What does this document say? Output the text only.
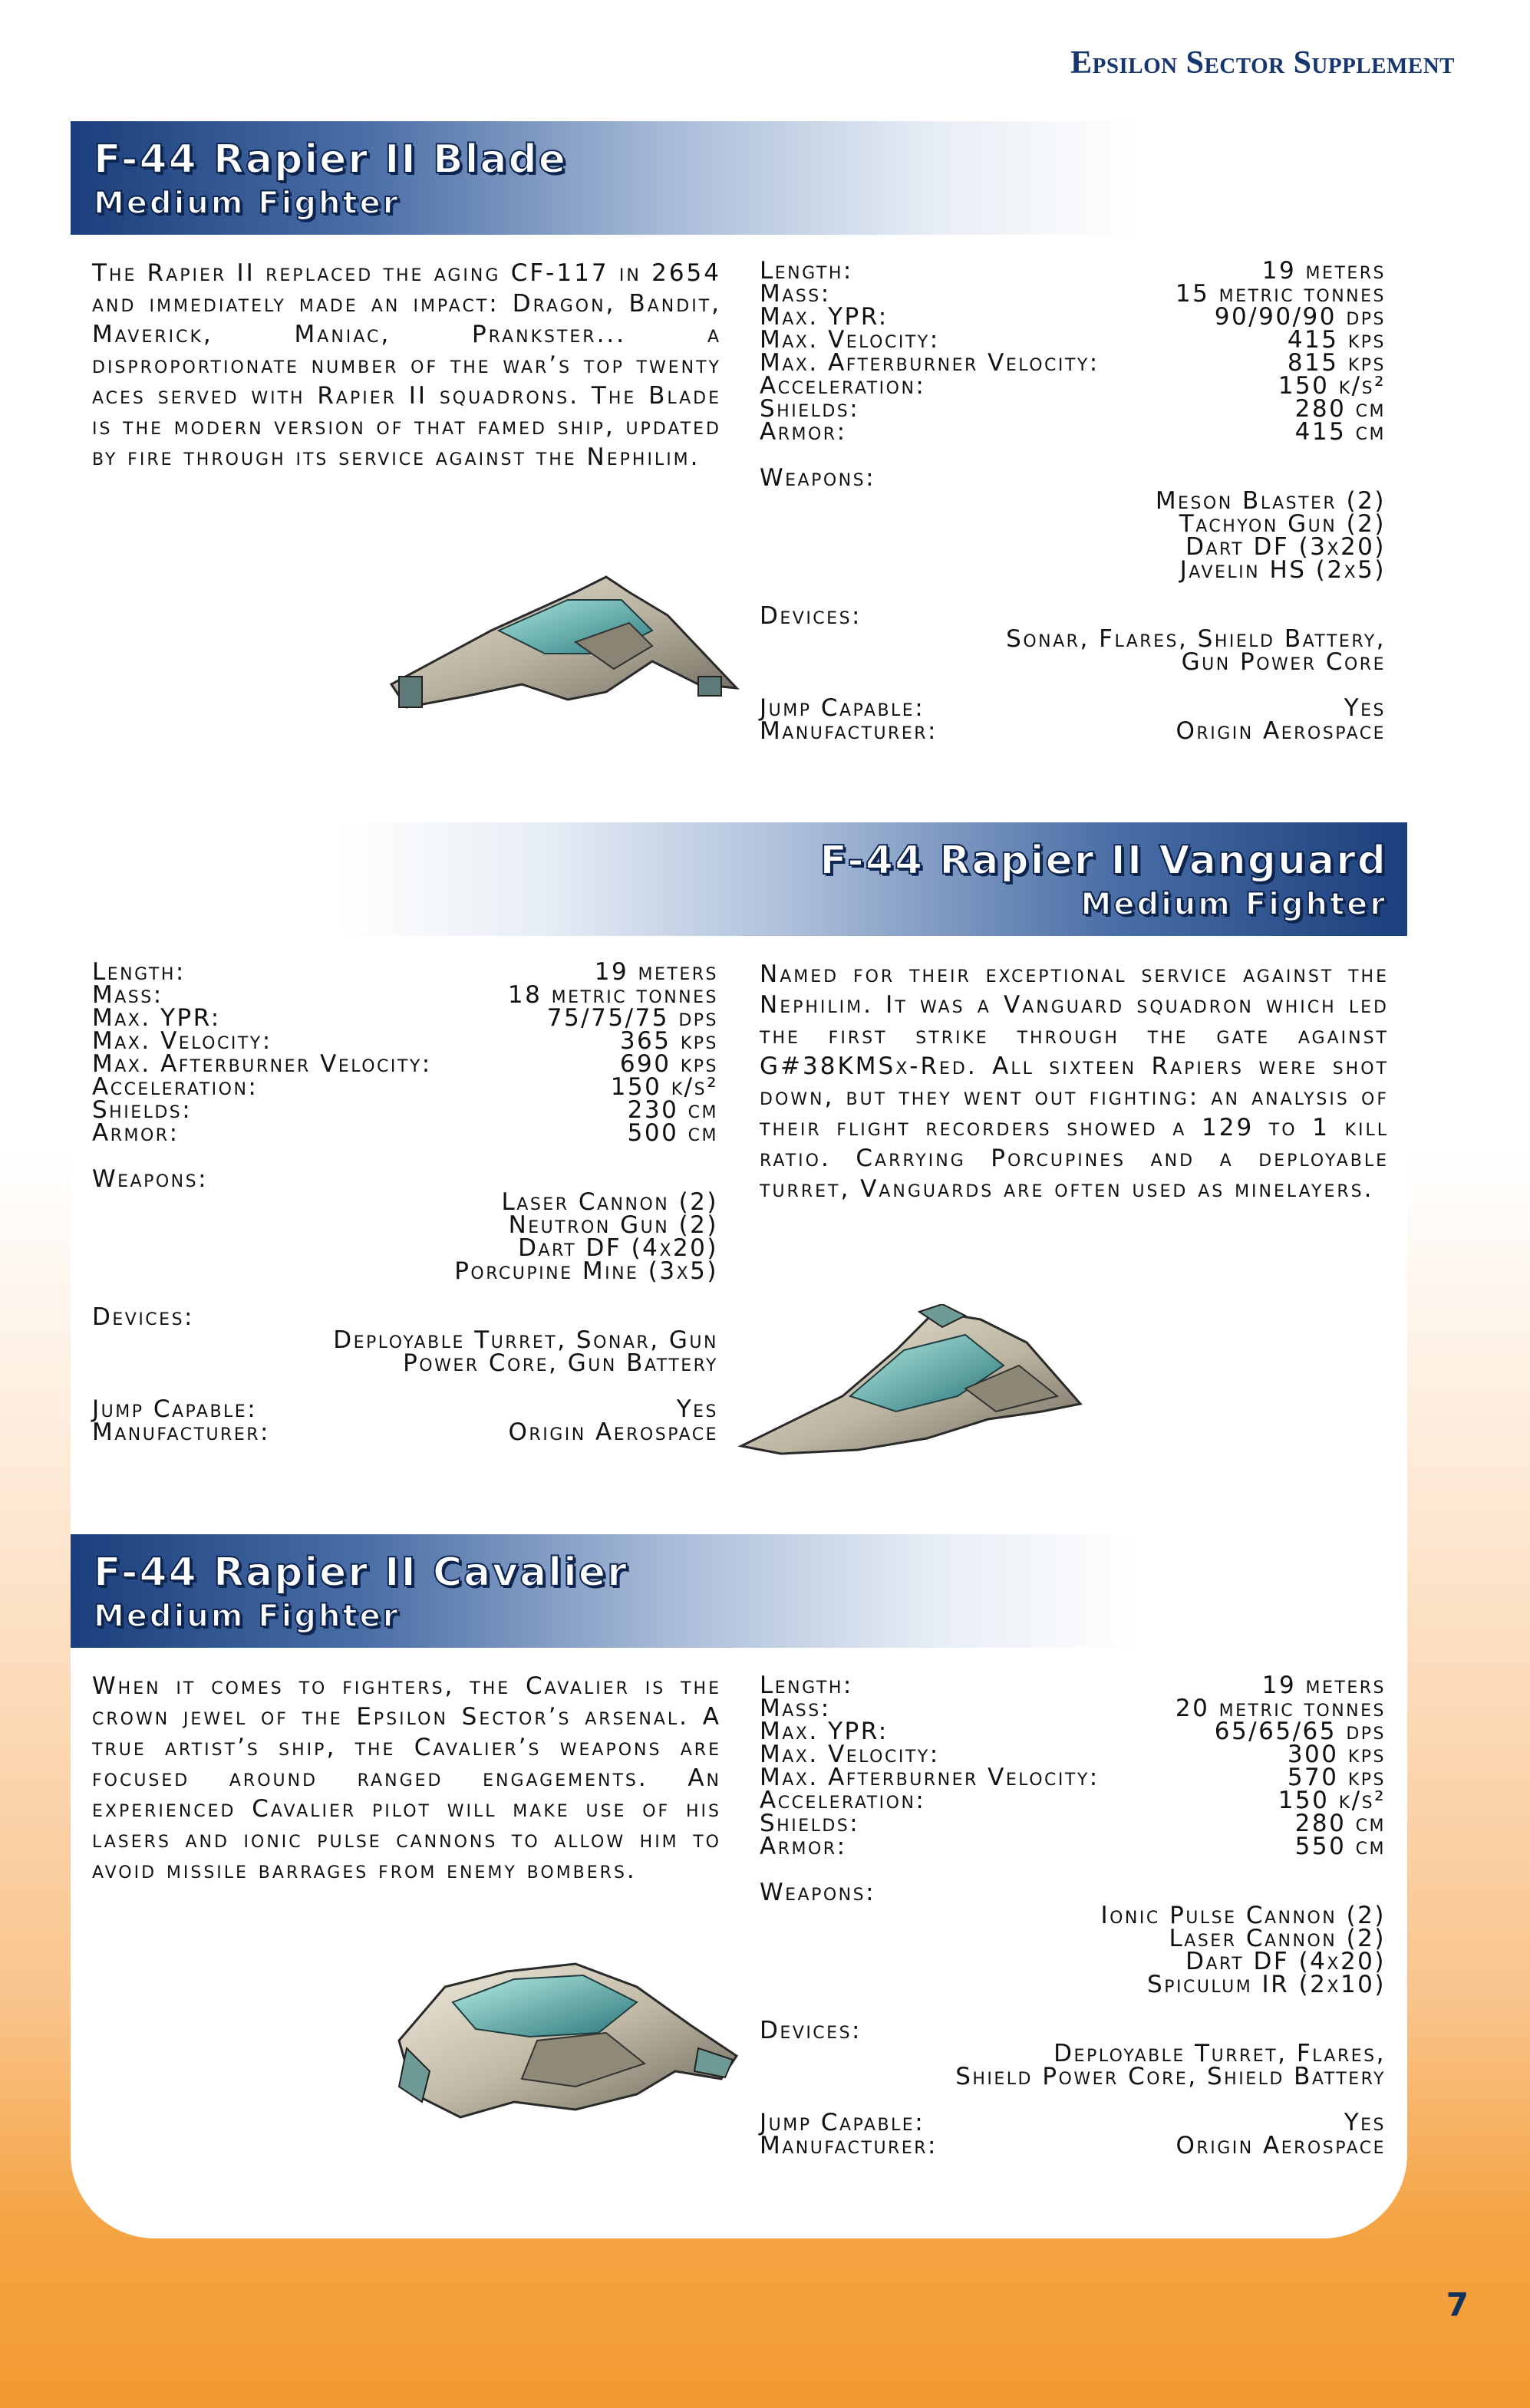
Epsilon Sector Supplement
F-44 Rapier II Blade
Medium Fighter
The Rapier II replaced the aging CF-117 in 2654 and immediately made an impact: Dragon, Bandit, Maverick, Maniac, Prankster... a disproportionate number of the war’s top twenty aces served with Rapier II squadrons. The Blade is the modern version of that famed ship, updated by fire through its service against the Nephilim.
Length:	19 meters
Mass:	15 metric tonnes
Max. YPR:	90/90/90 dps
Max. Velocity:	415 kps
Max. Afterburner Velocity:	815 kps
Acceleration:	150 k/s²
Shields:	280 cm
Armor:	415 cm
Weapons:
Meson Blaster (2)
Tachyon Gun (2)
Dart DF (3x20)
Javelin HS (2x5)
Devices:
Sonar, Flares, Shield Battery,
Gun Power Core
Jump Capable:	Yes
Manufacturer:	Origin Aerospace
F-44 Rapier II Vanguard
Medium Fighter
Length:	19 meters
Mass:	18 metric tonnes
Max. YPR:	75/75/75 dps
Max. Velocity:	365 kps
Max. Afterburner Velocity:	690 kps
Acceleration:	150 k/s²
Shields:	230 cm
Armor:	500 cm
Weapons:
Laser Cannon (2)
Neutron Gun (2)
Dart DF (4x20)
Porcupine Mine (3x5)
Devices:
Deployable Turret, Sonar, Gun
Power Core, Gun Battery
Jump Capable:	Yes
Manufacturer:	Origin Aerospace
Named for their exceptional service against the Nephilim. It was a Vanguard squadron which led the first strike through the gate against G#38KMSx-Red. All sixteen Rapiers were shot down, but they went out fighting: an analysis of their flight recorders showed a 129 to 1 kill ratio. Carrying Porcupines and a deployable turret, Vanguards are often used as minelayers.
F-44 Rapier II Cavalier
Medium Fighter
When it comes to fighters, the Cavalier is the crown jewel of the Epsilon Sector’s arsenal. A true artist’s ship, the Cavalier’s weapons are focused around ranged engagements. An experienced Cavalier pilot will make use of his lasers and ionic pulse cannons to allow him to avoid missile barrages from enemy bombers.
Length:	19 meters
Mass:	20 metric tonnes
Max. YPR:	65/65/65 dps
Max. Velocity:	300 kps
Max. Afterburner Velocity:	570 kps
Acceleration:	150 k/s²
Shields:	280 cm
Armor:	550 cm
Weapons:
Ionic Pulse Cannon (2)
Laser Cannon (2)
Dart DF (4x20)
Spiculum IR (2x10)
Devices:
Deployable Turret, Flares,
Shield Power Core, Shield Battery
Jump Capable:	Yes
Manufacturer:	Origin Aerospace
7
